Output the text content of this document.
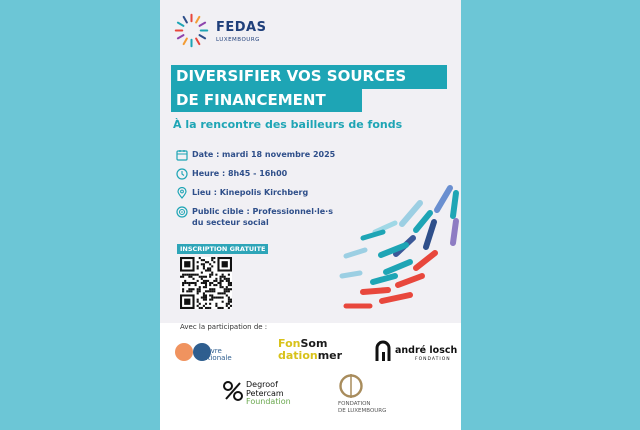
FEDAS
LUXEMBOURG
DIVERSIFIER VOS SOURCES
DE FINANCEMENT
À la rencontre des bailleurs de fonds
Date : mardi 18 novembre 2025
Heure : 8h45 - 16h00
Lieu : Kinepolis Kirchberg
Public cible : Professionnel·le·s
du secteur social
INSCRIPTION GRATUITE
Avec la participation de :
œuvre
nationale
FonSom
dationmer	andré losch
FONDATION
Degroof
Petercam
Foundation	FONDATION
DE LUXEMBOURG
